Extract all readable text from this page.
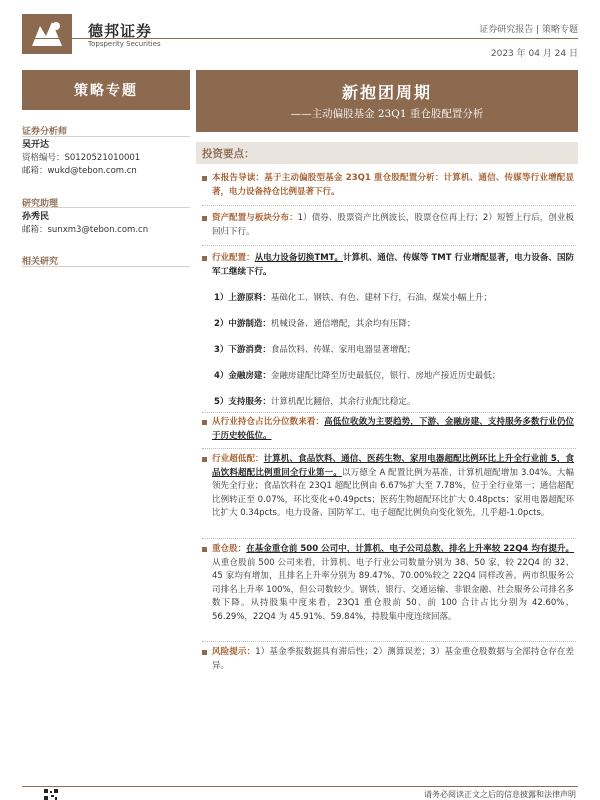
德邦证券
Topsperity Securities
证券研究报告 | 策略专题
2023 年 04 月 24 日
策略专题	新抱团周期
——主动偏股基金 23Q1 重仓股配置分析
证券分析师
吴开达
资格编号：S0120521010001
邮箱：wukd@tebon.com.cn
研究助理
孙秀民
邮箱：sunxm3@tebon.com.cn
相关研究
投资要点：
本报告导读：基于主动偏股型基金 23Q1 重仓股配置分析：计算机、通信、传媒等行业增配显著，电力设备持仓比例显著下行。
资产配置与板块分布：1）债券、股票资产比例波长，股票仓位再上行；2）短暂上行后，创业板回归下行。
行业配置：从电力设备切换TMT。计算机、通信、传媒等 TMT 行业增配显著，电力设备、国防军工继续下行。
1）上游原料：基础化工、钢铁、有色、建材下行，石油、煤炭小幅上升；
2）中游制造：机械设备、通信增配，其余均有压降；
3）下游消费：食品饮料、传媒、家用电器显著增配；
4）金融房建：金融房建配比降至历史最低位，银行、房地产接近历史最低；
5）支持服务：计算机配比翻倍，其余行业配比稳定。
从行业持仓占比分位数来看：高低位收敛为主要趋势，下游、金融房建、支持服务多数行业仍位于历史较低位。
行业超低配：计算机、食品饮料、通信、医药生物、家用电器超配比例环比上升全行业前 5，食品饮料超配比例重回全行业第一。以万德全 A 配置比例为基准，计算机超配增加 3.04%。大幅领先全行业；食品饮料在 23Q1 超配比例由 6.67%扩大至 7.78%，位于全行业第一；通信超配比例转正至 0.07%，环比变化+0.49pcts；医药生物超配环比扩大 0.48pcts；家用电器超配环比扩大 0.34pcts。电力设备、国防军工、电子超配比例负向变化领先，几乎超-1.0pcts。
重仓股：在基金重仓前 500 公司中，计算机、电子公司总数、排名上升率较 22Q4 均有提升。从重仓股前 500 公司来看，计算机、电子行业公司数量分别为 38、50 家，较 22Q4 的 32、45 家均有增加，且排名上升率分别为 89.47%、70.00%较之 22Q4 同样改善。两市织服务公司排名上升率 100%，但公司数较少。钢铁、银行、交通运输、非银金融、社会服务公司排名多数下降。从持股集中度来看，23Q1 重仓股前 50、前 100 合计占比分别为 42.60%、56.29%，22Q4 为 45.91%、59.84%，持股集中度连续回落。
风险提示：1）基金季报数据具有滞后性；2）测算误差；3）基金重仓股数据与全部持仓存在差异。
请务必阅读正文之后的信息披露和法律声明
